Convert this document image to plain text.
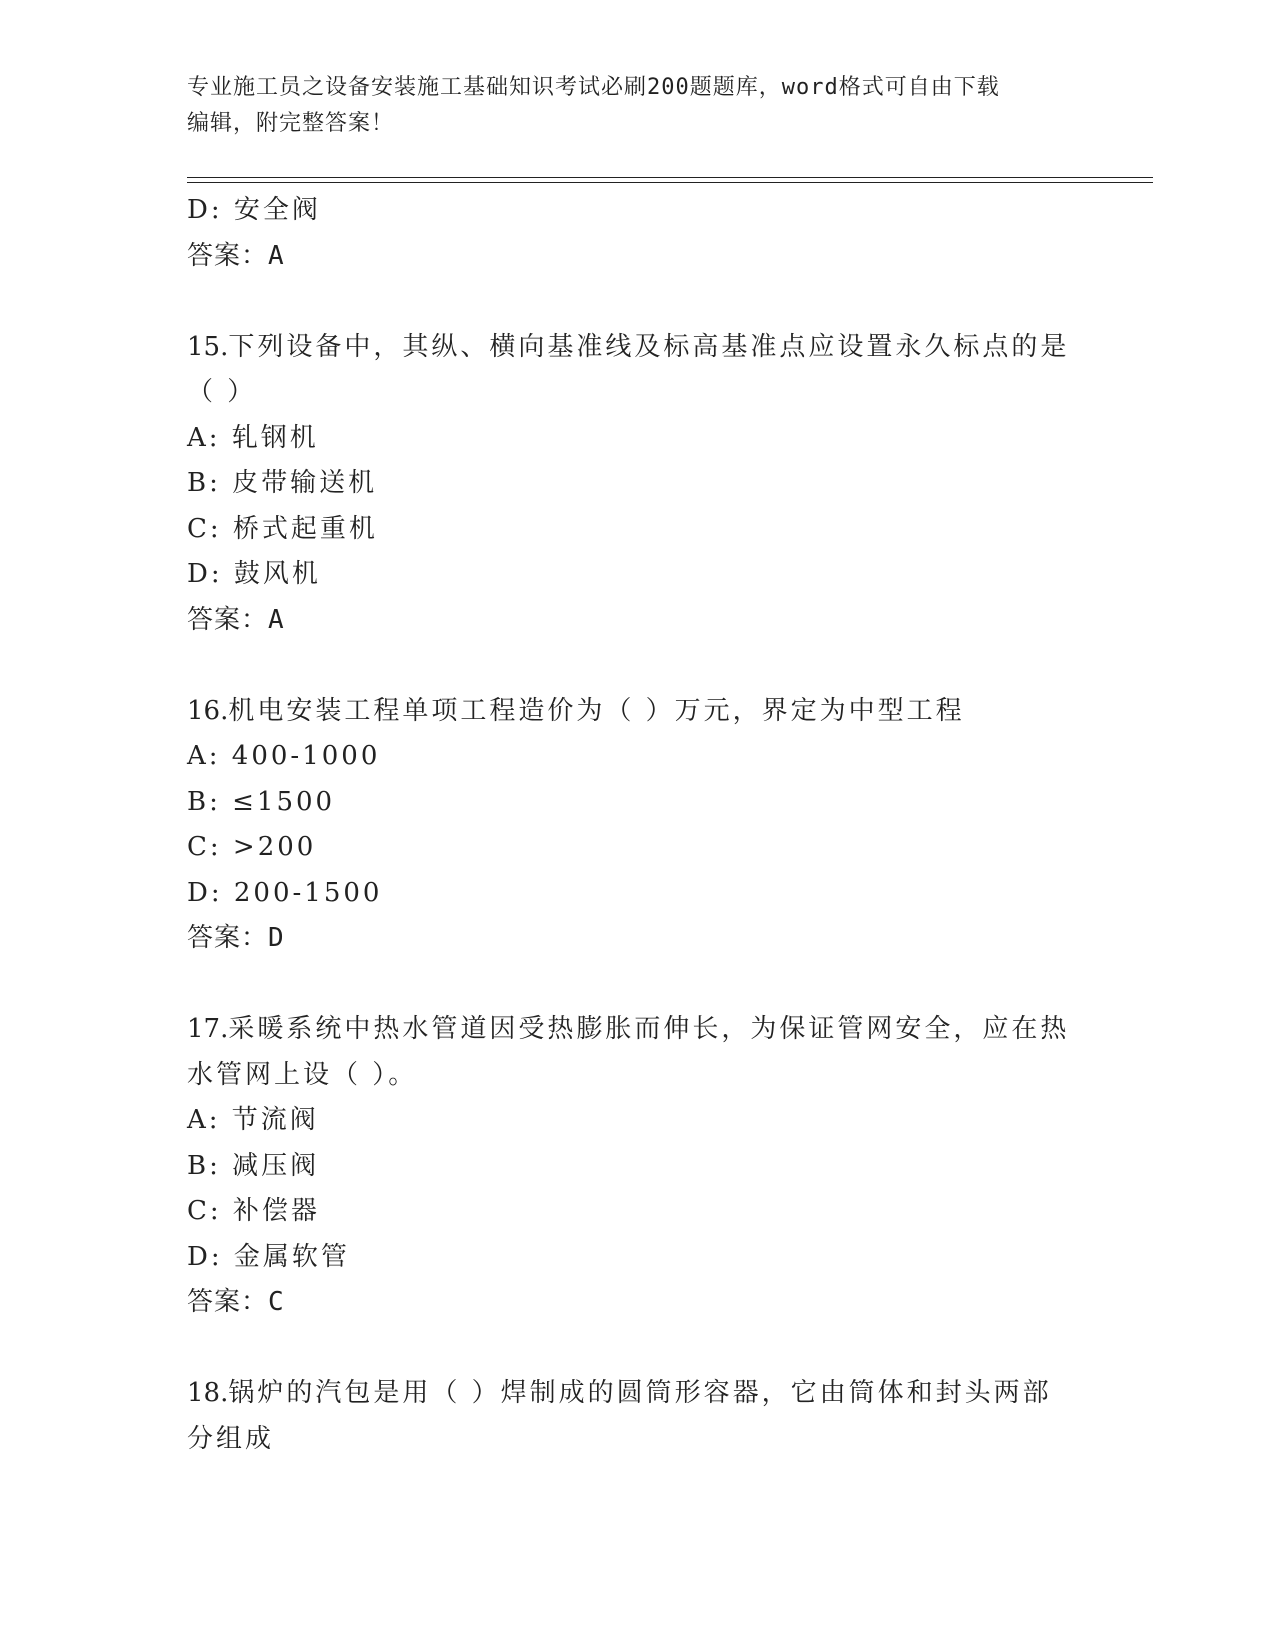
专业施工员之设备安装施工基础知识考试必刷200题题库，word格式可自由下载
编辑，附完整答案！
D: 安全阀
答案：A
15.下列设备中，其纵、横向基准线及标高基准点应设置永久标点的是
（ ）
A: 轧钢机
B: 皮带输送机
C: 桥式起重机
D: 鼓风机
答案：A
16.机电安装工程单项工程造价为（ ）万元，界定为中型工程
A: 400-1000
B: ≤1500
C: >200
D: 200-1500
答案：D
17.采暖系统中热水管道因受热膨胀而伸长，为保证管网安全，应在热
水管网上设（ ）。
A: 节流阀
B: 减压阀
C: 补偿器
D: 金属软管
答案：C
18.锅炉的汽包是用（ ）焊制成的圆筒形容器，它由筒体和封头两部
分组成
